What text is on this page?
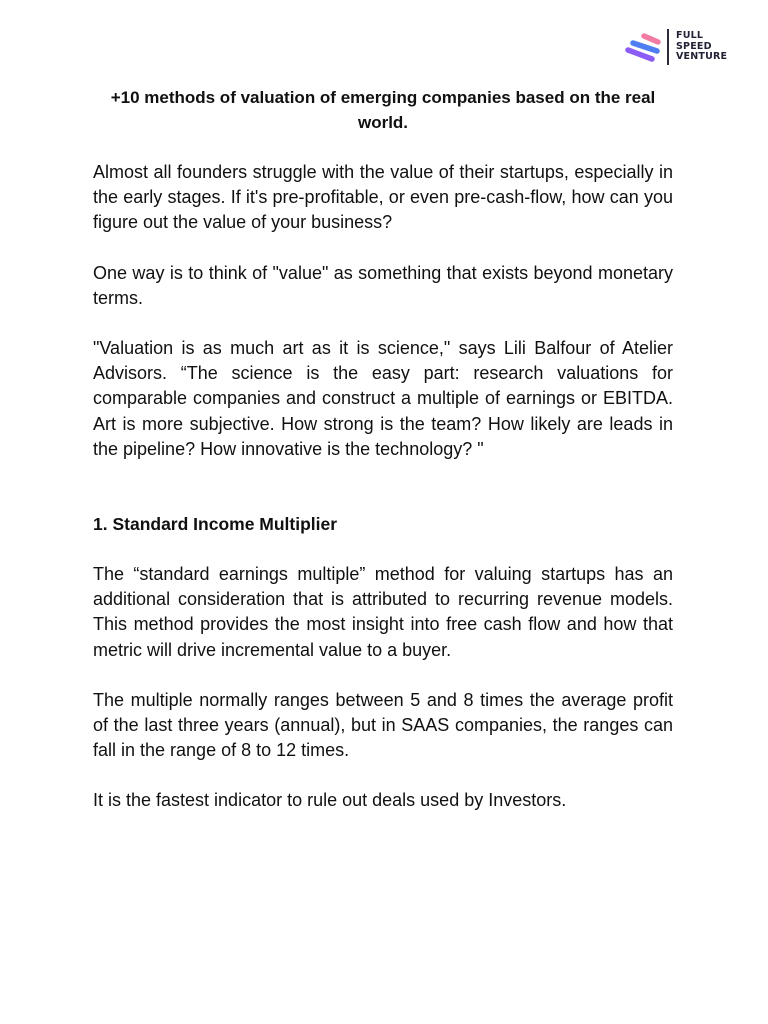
FULL
SPEED
VENTURE
+10 methods of valuation of emerging companies based on the real world.

Almost all founders struggle with the value of their startups, especially in the early stages. If it's pre-profitable, or even pre-cash-flow, how can you figure out the value of your business?

One way is to think of "value" as something that exists beyond monetary terms.

"Valuation is as much art as it is science," says Lili Balfour of Atelier Advisors. “The science is the easy part: research valuations for comparable companies and construct a multiple of earnings or EBITDA. Art is more subjective. How strong is the team? How likely are leads in the pipeline? How innovative is the technology? "

1. Standard Income Multiplier

The “standard earnings multiple” method for valuing startups has an additional consideration that is attributed to recurring revenue models. This method provides the most insight into free cash flow and how that metric will drive incremental value to a buyer.

The multiple normally ranges between 5 and 8 times the average profit of the last three years (annual), but in SAAS companies, the ranges can fall in the range of 8 to 12 times.

It is the fastest indicator to rule out deals used by Investors.
